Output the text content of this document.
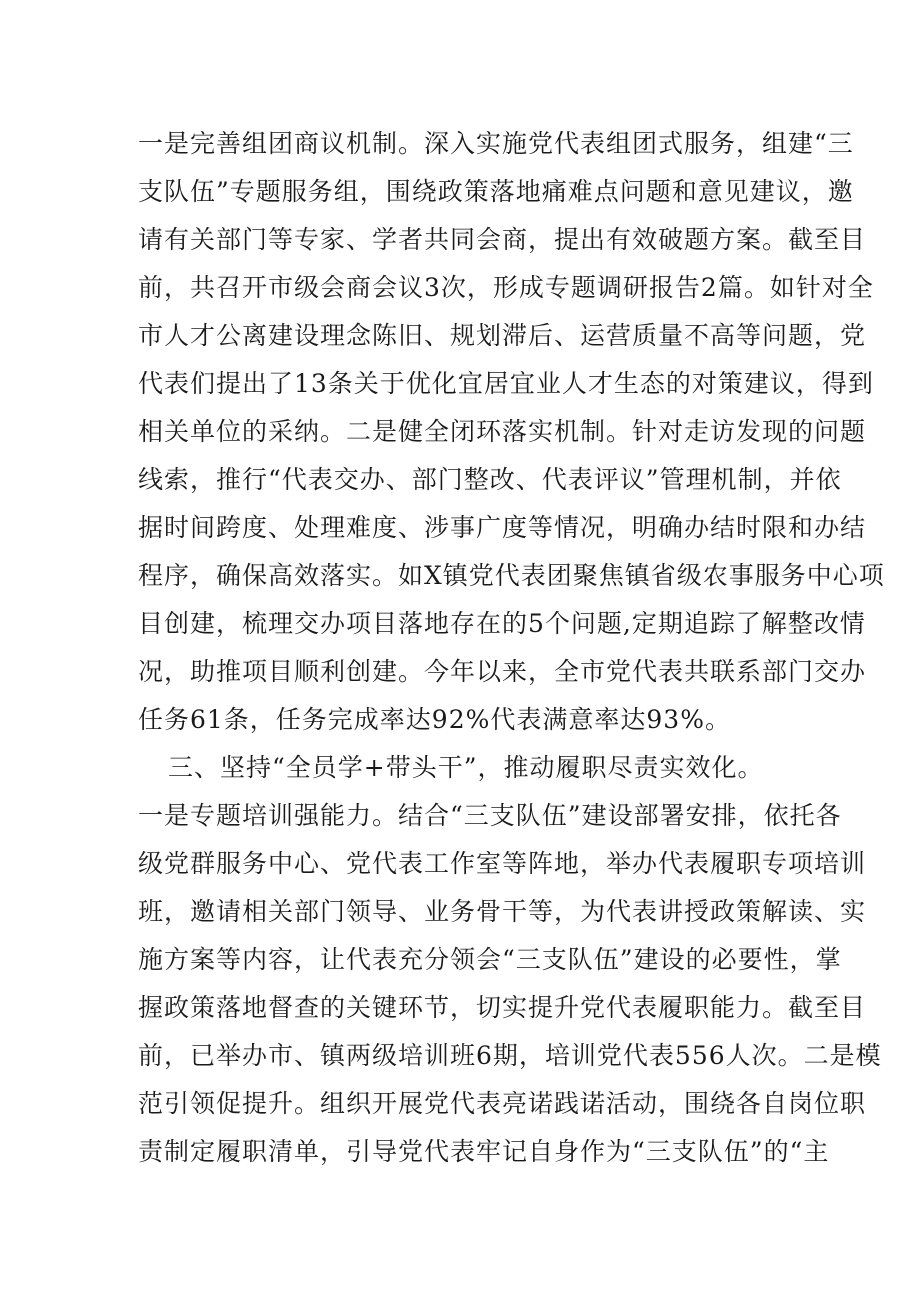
一是完善组团商议机制。深入实施党代表组团式服务，组建“三
支队伍”专题服务组，围绕政策落地痛难点问题和意见建议，邀
请有关部门等专家、学者共同会商，提出有效破题方案。截至目
前，共召开市级会商会议3次，形成专题调研报告2篇。如针对全
市人才公离建设理念陈旧、规划滞后、运营质量不高等问题，党
代表们提出了13条关于优化宜居宜业人才生态的对策建议，得到
相关单位的采纳。二是健全闭环落实机制。针对走访发现的问题
线索，推行“代表交办、部门整改、代表评议”管理机制，并依
据时间跨度、处理难度、涉事广度等情况，明确办结时限和办结
程序，确保高效落实。如X镇党代表团聚焦镇省级农事服务中心项
目创建，梳理交办项目落地存在的5个问题,定期追踪了解整改情
况，助推项目顺利创建。今年以来，全市党代表共联系部门交办
任务61条，任务完成率达92%代表满意率达93%。
三、坚持“全员学+带头干”，推动履职尽责实效化。
一是专题培训强能力。结合“三支队伍”建设部署安排，依托各
级党群服务中心、党代表工作室等阵地，举办代表履职专项培训
班，邀请相关部门领导、业务骨干等，为代表讲授政策解读、实
施方案等内容，让代表充分领会“三支队伍”建设的必要性，掌
握政策落地督查的关键环节，切实提升党代表履职能力。截至目
前，已举办市、镇两级培训班6期，培训党代表556人次。二是模
范引领促提升。组织开展党代表亮诺践诺活动，围绕各自岗位职
责制定履职清单，引导党代表牢记自身作为“三支队伍”的“主
